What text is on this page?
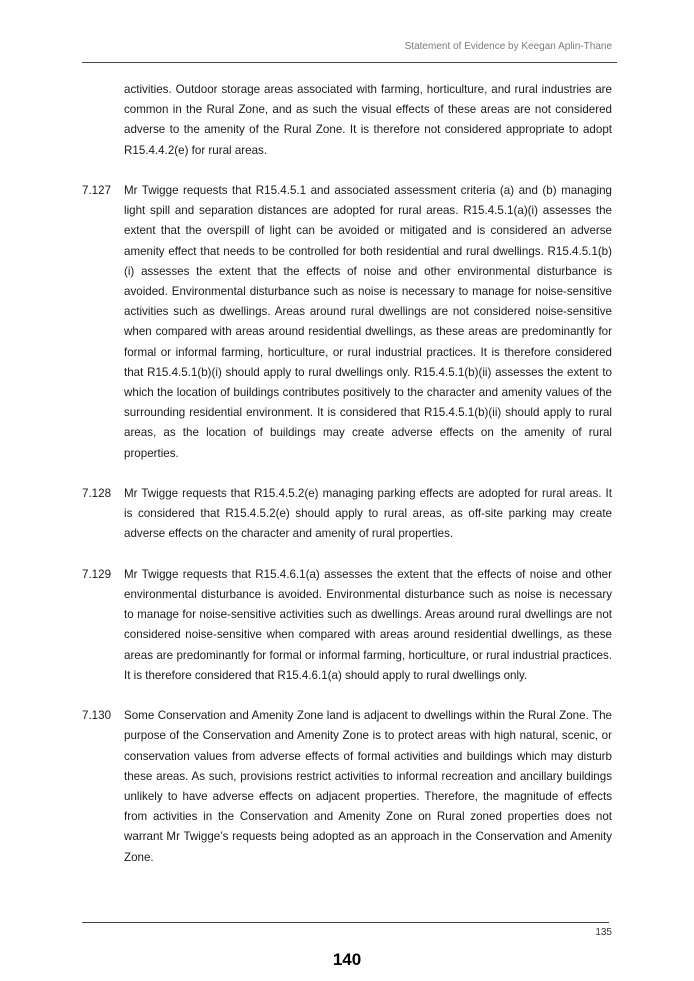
Statement of Evidence by Keegan Aplin-Thane
activities. Outdoor storage areas associated with farming, horticulture, and rural industries are common in the Rural Zone, and as such the visual effects of these areas are not considered adverse to the amenity of the Rural Zone. It is therefore not considered appropriate to adopt R15.4.4.2(e) for rural areas.
7.127	Mr Twigge requests that R15.4.5.1 and associated assessment criteria (a) and (b) managing light spill and separation distances are adopted for rural areas. R15.4.5.1(a)(i) assesses the extent that the overspill of light can be avoided or mitigated and is considered an adverse amenity effect that needs to be controlled for both residential and rural dwellings. R15.4.5.1(b)(i) assesses the extent that the effects of noise and other environmental disturbance is avoided. Environmental disturbance such as noise is necessary to manage for noise-sensitive activities such as dwellings. Areas around rural dwellings are not considered noise-sensitive when compared with areas around residential dwellings, as these areas are predominantly for formal or informal farming, horticulture, or rural industrial practices. It is therefore considered that R15.4.5.1(b)(i) should apply to rural dwellings only. R15.4.5.1(b)(ii) assesses the extent to which the location of buildings contributes positively to the character and amenity values of the surrounding residential environment. It is considered that R15.4.5.1(b)(ii) should apply to rural areas, as the location of buildings may create adverse effects on the amenity of rural properties.
7.128	Mr Twigge requests that R15.4.5.2(e) managing parking effects are adopted for rural areas. It is considered that R15.4.5.2(e) should apply to rural areas, as off-site parking may create adverse effects on the character and amenity of rural properties.
7.129	Mr Twigge requests that R15.4.6.1(a) assesses the extent that the effects of noise and other environmental disturbance is avoided. Environmental disturbance such as noise is necessary to manage for noise-sensitive activities such as dwellings. Areas around rural dwellings are not considered noise-sensitive when compared with areas around residential dwellings, as these areas are predominantly for formal or informal farming, horticulture, or rural industrial practices. It is therefore considered that R15.4.6.1(a) should apply to rural dwellings only.
7.130	Some Conservation and Amenity Zone land is adjacent to dwellings within the Rural Zone. The purpose of the Conservation and Amenity Zone is to protect areas with high natural, scenic, or conservation values from adverse effects of formal activities and buildings which may disturb these areas. As such, provisions restrict activities to informal recreation and ancillary buildings unlikely to have adverse effects on adjacent properties. Therefore, the magnitude of effects from activities in the Conservation and Amenity Zone on Rural zoned properties does not warrant Mr Twigge’s requests being adopted as an approach in the Conservation and Amenity Zone.
135
140
